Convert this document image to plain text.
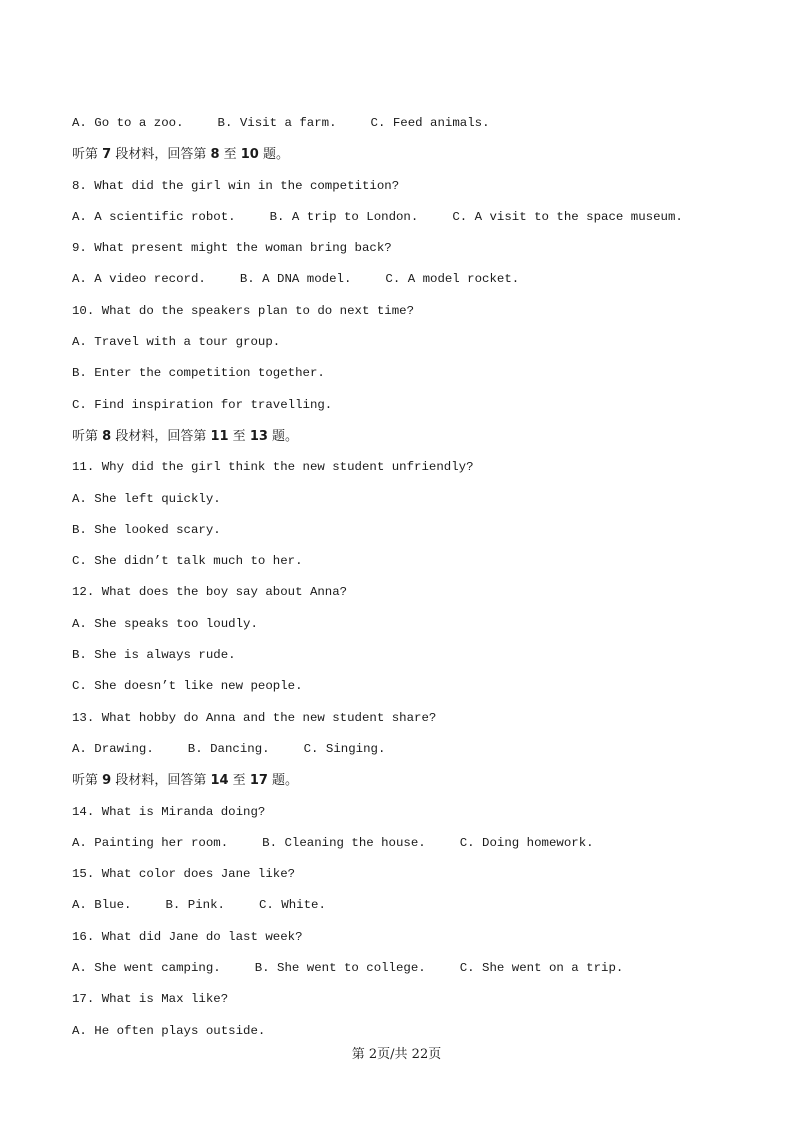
A. Go to a zoo.	B. Visit a farm.	C. Feed animals.
听第 7 段材料，回答第 8 至 10 题。
8. What did the girl win in the competition?
A. A scientific robot.	B. A trip to London.	C. A visit to the space museum.
9. What present might the woman bring back?
A. A video record.	B. A DNA model.	C. A model rocket.
10. What do the speakers plan to do next time?
A. Travel with a tour group.
B. Enter the competition together.
C. Find inspiration for travelling.
听第 8 段材料，回答第 11 至 13 题。
11. Why did the girl think the new student unfriendly?
A. She left quickly.
B. She looked scary.
C. She didn’t talk much to her.
12. What does the boy say about Anna?
A. She speaks too loudly.
B. She is always rude.
C. She doesn’t like new people.
13. What hobby do Anna and the new student share?
A. Drawing.	B. Dancing.	C. Singing.
听第 9 段材料，回答第 14 至 17 题。
14. What is Miranda doing?
A. Painting her room.	B. Cleaning the house.	C. Doing homework.
15. What color does Jane like?
A. Blue.	B. Pink.	C. White.
16. What did Jane do last week?
A. She went camping.	B. She went to college.	C. She went on a trip.
17. What is Max like?
A. He often plays outside.
第 2页/共 22页
